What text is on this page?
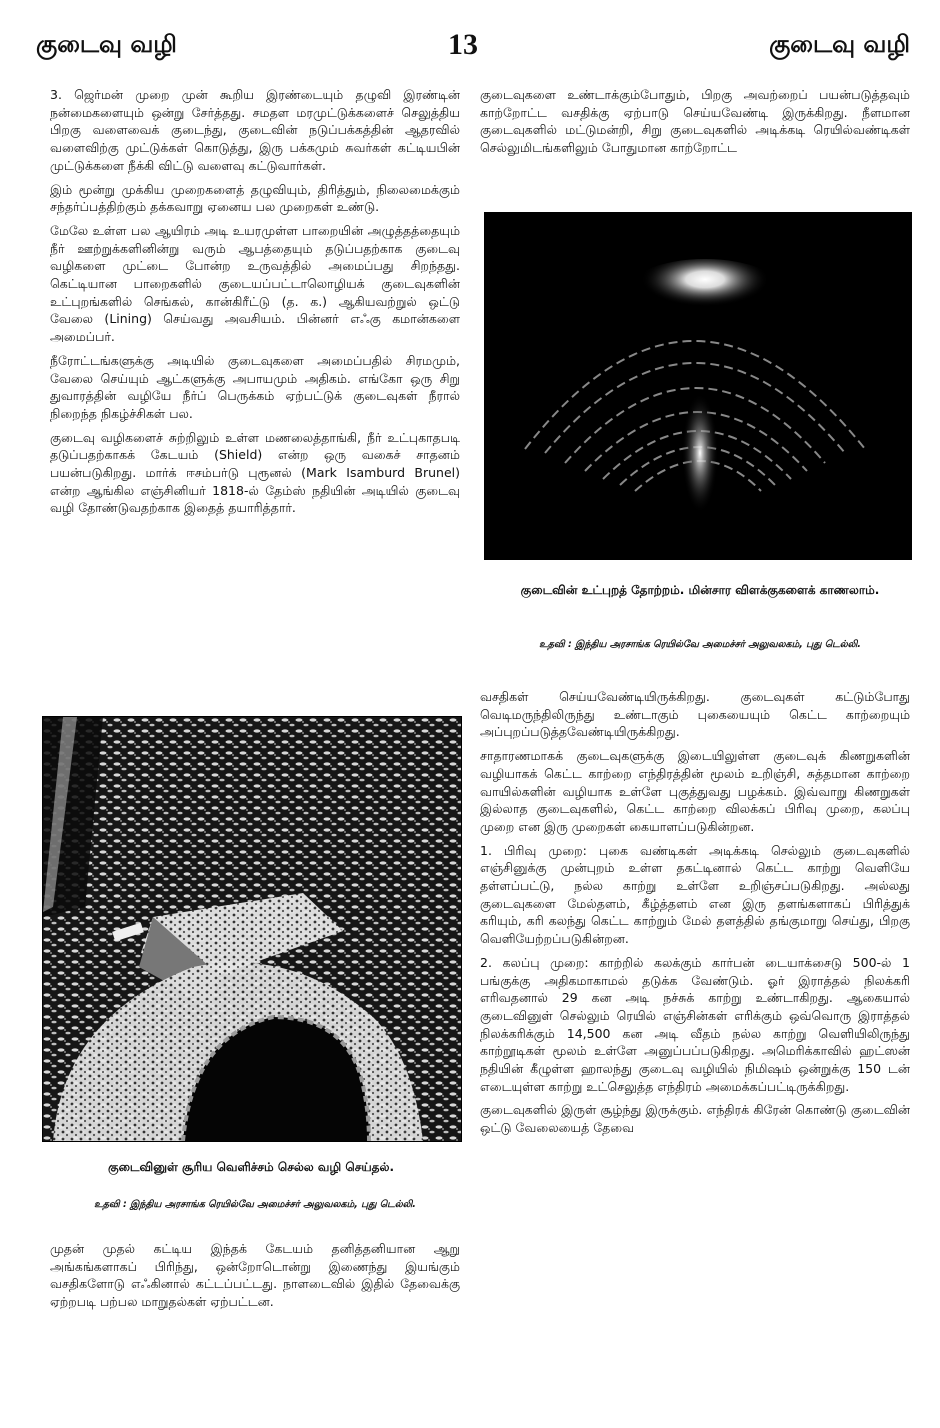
குடைவு வழி	13	குடைவு வழி

3. ஜெர்மன் முறை முன் கூறிய இரண்டையும் தழுவி இரண்டின் நன்மைகளையும் ஒன்று சேர்த்தது. சமதள மரமுட்டுக்களைச் செலுத்திய பிறகு வளைவைக் குடைந்து, குடைவின் நடுப்பக்கத்தின் ஆதரவில் வளைவிற்கு முட்டுக்கள் கொடுத்து, இரு பக்கமும் சுவர்கள் கட்டியபின் முட்டுக்களை நீக்கி விட்டு வளைவு கட்டுவார்கள்.

இம் மூன்று முக்கிய முறைகளைத் தழுவியும், திரித்தும், நிலைமைக்கும் சந்தர்ப்பத்திற்கும் தக்கவாறு ஏனைய பல முறைகள் உண்டு.

மேலே உள்ள பல ஆயிரம் அடி உயரமுள்ள பாறையின் அழுத்தத்தையும் நீர் ஊற்றுக்களினின்று வரும் ஆபத்தையும் தடுப்பதற்காக குடைவு வழிகளை முட்டை போன்ற உருவத்தில் அமைப்பது சிறந்தது. கெட்டியான பாறைகளில் குடையப்பட்டாலொழியக் குடைவுகளின் உட்புறங்களில் செங்கல், கான்கிரீட்டு (த. க.) ஆகியவற்றுல் ஒட்டு வேலை (Lining) செய்வது அவசியம். பின்னர் எஃகு கமான்களை அமைப்பர்.

நீரோட்டங்களுக்கு அடியில் குடைவுகளை அமைப்பதில் சிரமமும், வேலை செய்யும் ஆட்களுக்கு அபாயமும் அதிகம். எங்கோ ஒரு சிறு துவாரத்தின் வழியே நீர்ப் பெருக்கம் ஏற்பட்டுக் குடைவுகள் நீரால் நிறைந்த நிகழ்ச்சிகள் பல.

குடைவு வழிகளைச் சுற்றிலும் உள்ள மணலைத்தாங்கி, நீர் உட்புகாதபடி தடுப்பதற்காகக் கேடயம் (Shield) என்ற ஒரு வகைச் சாதனம் பயன்படுகிறது. மார்க் ஈசம்பர்டு புரூனல் (Mark Isamburd Brunel) என்ற ஆங்கில எஞ்சினியர் 1818-ல் தேம்ஸ் நதியின் அடியில் குடைவு வழி தோண்டுவதற்காக இதைத் தயாரித்தார்.

குடைவினுள் சூரிய வெளிச்சம் செல்ல வழி செய்தல்.
உதவி : இந்திய அரசாங்க ரெயில்வே அமைச்சர் அலுவலகம், புது டெல்லி.

முதன் முதல் கட்டிய இந்தக் கேடயம் தனித்தனியான ஆறு அங்கங்களாகப் பிரிந்து, ஒன்றோடொன்று இணைந்து இயங்கும் வசதிகளோடு எஃகினால் கட்டப்பட்டது. நாளடைவில் இதில் தேவைக்கு ஏற்றபடி பற்பல மாறுதல்கள் ஏற்பட்டன.

குடைவுகளை உண்டாக்கும்போதும், பிறகு அவற்றைப் பயன்படுத்தவும் காற்றோட்ட வசதிக்கு ஏற்பாடு செய்யவேண்டி இருக்கிறது. நீளமான குடைவுகளில் மட்டுமன்றி, சிறு குடைவுகளில் அடிக்கடி ரெயில்வண்டிகள் செல்லுமிடங்களிலும் போதுமான காற்றோட்ட

குடைவின் உட்புறத் தோற்றம். மின்சார விளக்குகளைக் காணலாம்.
உதவி : இந்திய அரசாங்க ரெயில்வே அமைச்சர் அலுவலகம், புது டெல்லி.

வசதிகள் செய்யவேண்டியிருக்கிறது. குடைவுகள் கட்டும்போது வெடிமருந்திலிருந்து உண்டாகும் புகையையும் கெட்ட காற்றையும் அப்புறப்படுத்தவேண்டியிருக்கிறது.

சாதாரணமாகக் குடைவுகளுக்கு இடையிலுள்ள குடைவுக் கிணறுகளின் வழியாகக் கெட்ட காற்றை எந்திரத்தின் மூலம் உறிஞ்சி, சுத்தமான காற்றை வாயில்களின் வழியாக உள்ளே புகுத்துவது பழக்கம். இவ்வாறு கிணறுகள் இல்லாத குடைவுகளில், கெட்ட காற்றை விலக்கப் பிரிவு முறை, கலப்பு முறை என இரு முறைகள் கையாளப்படுகின்றன.

1. பிரிவு முறை: புகை வண்டிகள் அடிக்கடி செல்லும் குடைவுகளில் எஞ்சினுக்கு முன்புறம் உள்ள தகட்டினால் கெட்ட காற்று வெளியே தள்ளப்பட்டு, நல்ல காற்று உள்ளே உறிஞ்சப்படுகிறது. அல்லது குடைவுகளை மேல்தளம், கீழ்த்தளம் என இரு தளங்களாகப் பிரித்துக் கரியும், கரி கலந்து கெட்ட காற்றும் மேல் தளத்தில் தங்குமாறு செய்து, பிறகு வெளியேற்றப்படுகின்றன.

2. கலப்பு முறை: காற்றில் கலக்கும் கார்பன் டையாக்சைடு 500-ல் 1 பங்குக்கு அதிகமாகாமல் தடுக்க வேண்டும். ஓர் இராத்தல் நிலக்கரி எரிவதனால் 29 கன அடி நச்சுக் காற்று உண்டாகிறது. ஆகையால் குடைவினுள் செல்லும் ரெயில் எஞ்சின்கள் எரிக்கும் ஒவ்வொரு இராத்தல் நிலக்கரிக்கும் 14,500 கன அடி வீதம் நல்ல காற்று வெளியிலிருந்து காற்றூடிகள் மூலம் உள்ளே அனுப்பப்படுகிறது. அமெரிக்காவில் ஹட்ஸன் நதியின் கீழுள்ள ஹாலந்து குடைவு வழியில் நிமிஷம் ஒன்றுக்கு 150 டன் எடையுள்ள காற்று உட்செலுத்த எந்திரம் அமைக்கப்பட்டிருக்கிறது.

குடைவுகளில் இருள் சூழ்ந்து இருக்கும். எந்திரக் கிரேன் கொண்டு குடைவின் ஒட்டு வேலையைத் தேவை
